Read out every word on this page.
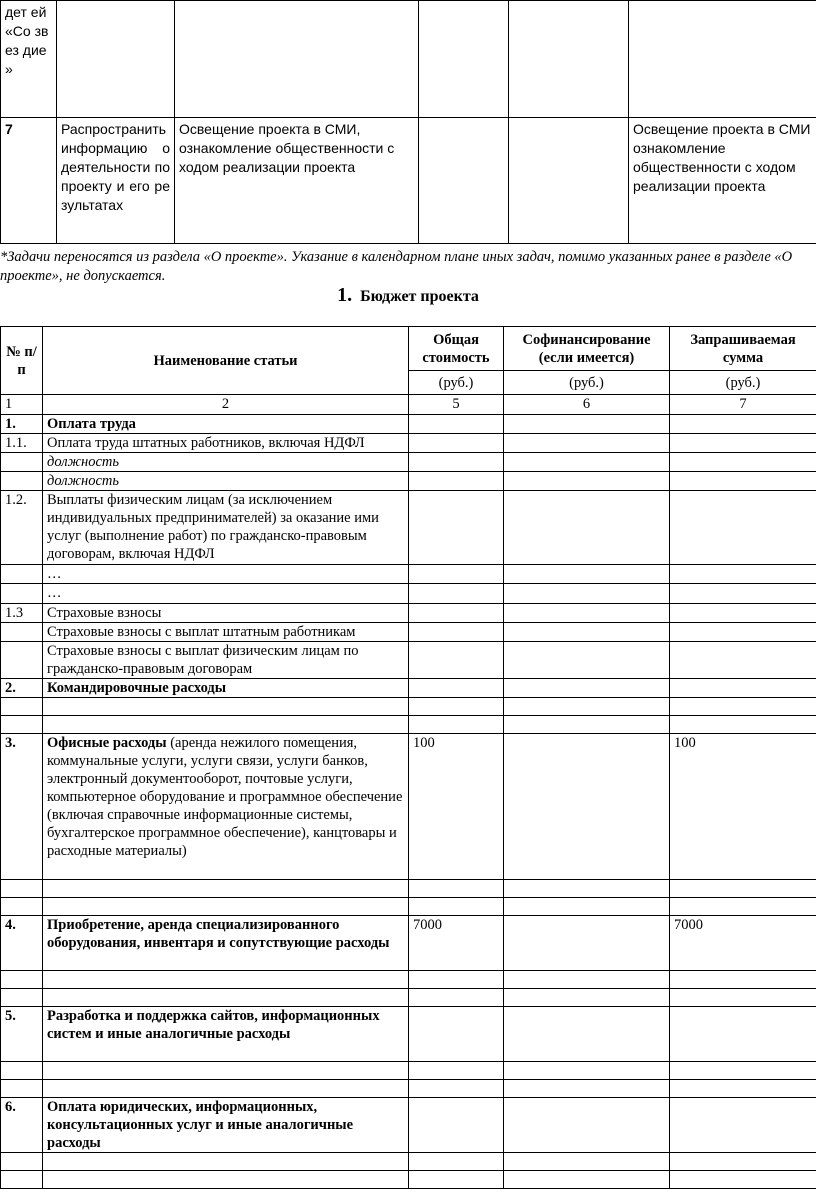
дет ей «Со звез дие »					
7	Распространить информацию о деятельности по проекту и его результатах	Освещение проекта в СМИ, ознакомление общественности с ходом реализации проекта			Освещение проекта в СМИ ознакомление общественности с ходом реализации проекта

*Задачи переносятся из раздела «О проекте». Указание в календарном плане иных задач, помимо указанных ранее в разделе «О проекте», не допускается.

1. Бюджет проекта
№ п/п	Наименование статьи	Общая стоимость	Софинансирование (если имеется)	Запрашиваемая сумма
		(руб.)	(руб.)	(руб.)
1	2	5	6	7
1.	Оплата труда			
1.1.	Оплата труда штатных работников, включая НДФЛ			
	должность			
	должность			
1.2.	Выплаты физическим лицам (за исключением индивидуальных предпринимателей) за оказание ими услуг (выполнение работ) по гражданско-правовым договорам, включая НДФЛ			
	…			
	…			
1.3	Страховые взносы			
	Страховые взносы с выплат штатным работникам			
	Страховые взносы с выплат физическим лицам по гражданско-правовым договорам			
2.	Командировочные расходы			

3.	Офисные расходы (аренда нежилого помещения, коммунальные услуги, услуги связи, услуги банков, электронный документооборот, почтовые услуги, компьютерное оборудование и программное обеспечение (включая справочные информационные системы, бухгалтерское программное обеспечение), канцтовары и расходные материалы)	100		100

4.	Приобретение, аренда специализированного оборудования, инвентаря и сопутствующие расходы	7000		7000

5.	Разработка и поддержка сайтов, информационных систем и иные аналогичные расходы			

6.	Оплата юридических, информационных, консультационных услуг и иные аналогичные расходы			
